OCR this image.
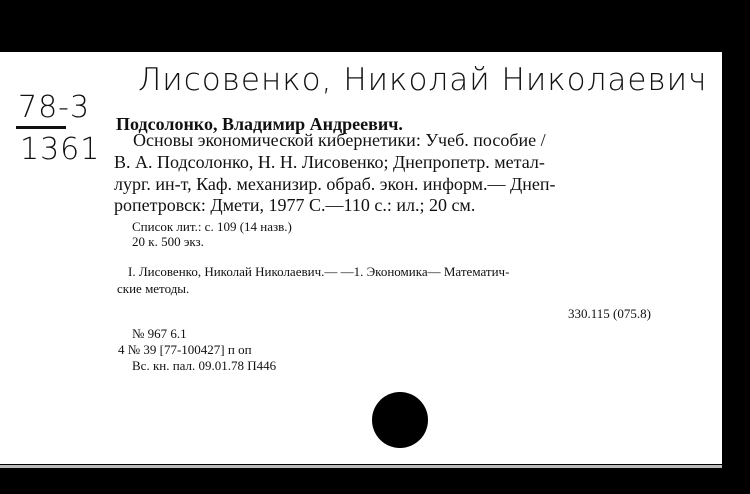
Лисовенко, Николай Николаевич
78-3
1361
Подсолонко, Владимир Андреевич.
Основы экономической кибернетики: Учеб. пособие /
В. А. Подсолонко, Н. Н. Лисовенко; Днепропетр. метал-
лург. ин-т, Каф. механизир. обраб. экон. информ.— Днеп-
ропетровск: Дмети, 1977 С.—110 с.: ил.; 20 см.
Список лит.: с. 109 (14 назв.)
20 к. 500 экз.
I. Лисовенко, Николай Николаевич.— —1. Экономика— Математич-
ские методы.
330.115 (075.8)
№ 967 6.1
4 № 39 [77-100427] п оп
Вс. кн. пал. 09.01.78 П446
